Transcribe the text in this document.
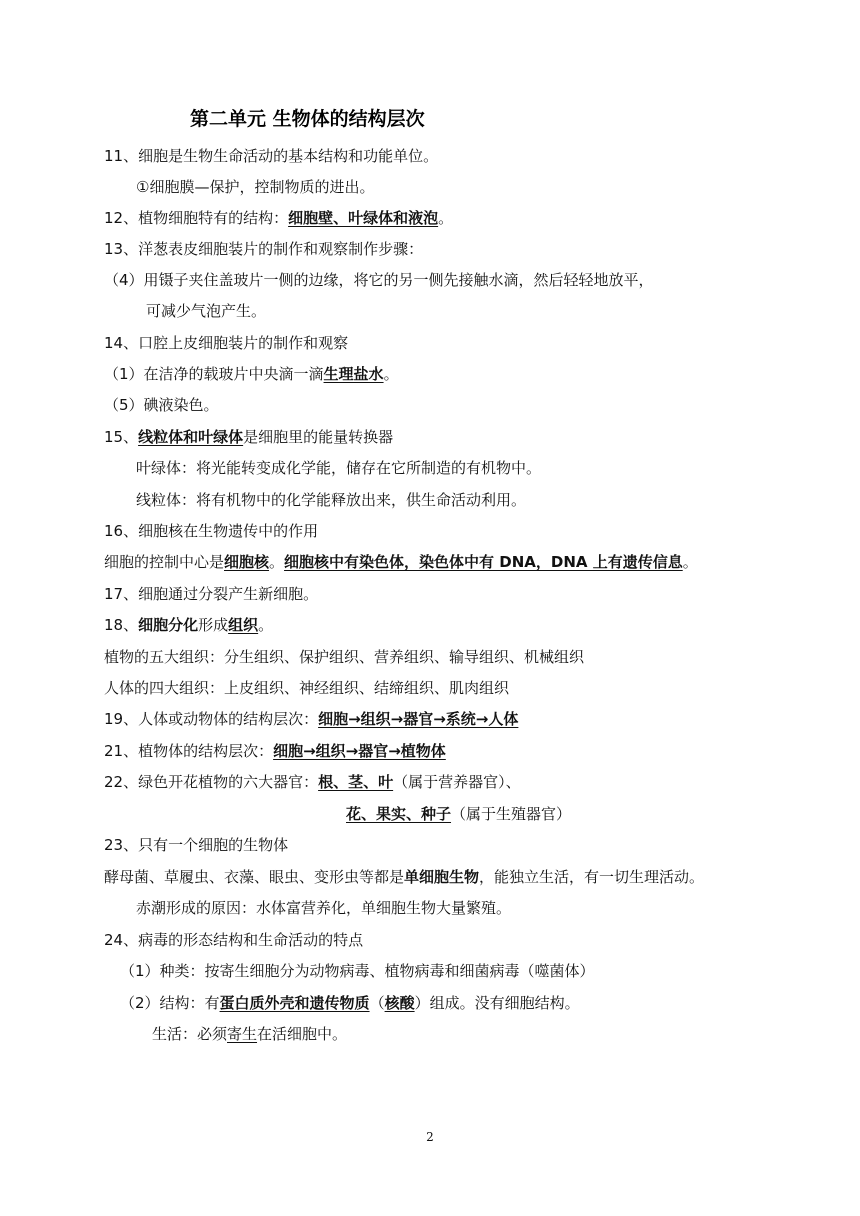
第二单元 生物体的结构层次
11、细胞是生物生命活动的基本结构和功能单位。
①细胞膜—保护，控制物质的进出。
12、植物细胞特有的结构：细胞壁、叶绿体和液泡。
13、洋葱表皮细胞装片的制作和观察制作步骤：
（4）用镊子夹住盖玻片一侧的边缘，将它的另一侧先接触水滴，然后轻轻地放平，
可减少气泡产生。
14、口腔上皮细胞装片的制作和观察
（1）在洁净的载玻片中央滴一滴生理盐水。
（5）碘液染色。
15、线粒体和叶绿体是细胞里的能量转换器
叶绿体：将光能转变成化学能，储存在它所制造的有机物中。
线粒体：将有机物中的化学能释放出来，供生命活动利用。
16、细胞核在生物遗传中的作用
细胞的控制中心是细胞核。细胞核中有染色体，染色体中有 DNA，DNA 上有遗传信息。
17、细胞通过分裂产生新细胞。
18、细胞分化形成组织。
植物的五大组织：分生组织、保护组织、营养组织、输导组织、机械组织
人体的四大组织：上皮组织、神经组织、结缔组织、肌肉组织
19、人体或动物体的结构层次：细胞→组织→器官→系统→人体
21、植物体的结构层次：细胞→组织→器官→植物体
22、绿色开花植物的六大器官：根、茎、叶（属于营养器官）、
花、果实、种子（属于生殖器官）
23、只有一个细胞的生物体
酵母菌、草履虫、衣藻、眼虫、变形虫等都是单细胞生物，能独立生活，有一切生理活动。
赤潮形成的原因：水体富营养化，单细胞生物大量繁殖。
24、病毒的形态结构和生命活动的特点
（1）种类：按寄生细胞分为动物病毒、植物病毒和细菌病毒（噬菌体）
（2）结构：有蛋白质外壳和遗传物质（核酸）组成。没有细胞结构。
生活：必须寄生在活细胞中。
2
